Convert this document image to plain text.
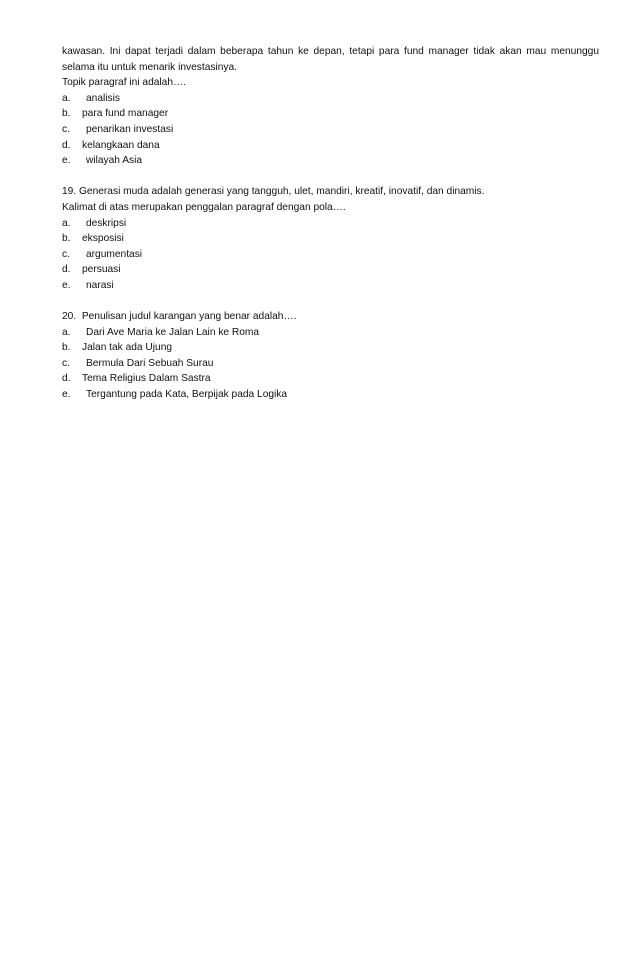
kawasan. Ini dapat terjadi dalam beberapa tahun ke depan, tetapi para fund manager tidak akan mau menunggu
selama itu untuk menarik investasinya.
Topik paragraf ini adalah….
a.	analisis
b.	para fund manager
c.	penarikan investasi
d.	kelangkaan dana
e.	wilayah Asia
19. Generasi muda adalah generasi yang tangguh, ulet, mandiri, kreatif, inovatif, dan dinamis.
Kalimat di atas merupakan penggalan paragraf dengan pola….
a.	deskripsi
b.	eksposisi
c.	argumentasi
d.	persuasi
e.	narasi
20.  Penulisan judul karangan yang benar adalah….
a.	Dari Ave Maria ke Jalan Lain ke Roma
b.	Jalan tak ada Ujung
c.	Bermula Dari Sebuah Surau
d.	Tema Religius Dalam Sastra
e.	Tergantung pada Kata, Berpijak pada Logika
